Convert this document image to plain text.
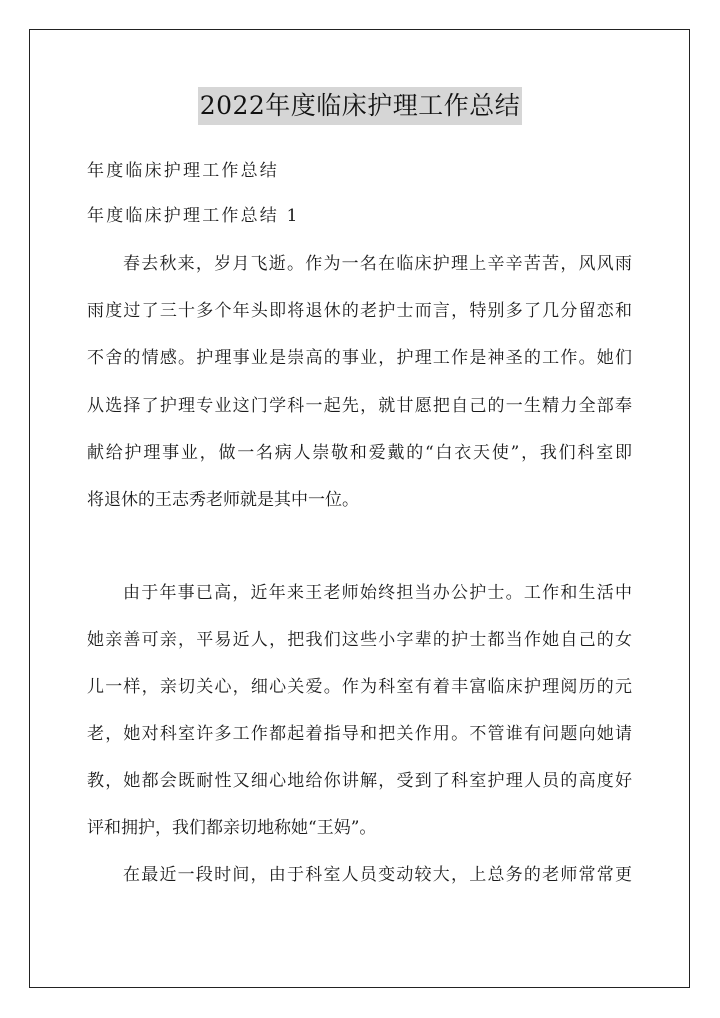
2022年度临床护理工作总结
年度临床护理工作总结
年度临床护理工作总结 1
春去秋来，岁月飞逝。作为一名在临床护理上辛辛苦苦，风风雨
雨度过了三十多个年头即将退休的老护士而言，特别多了几分留恋和
不舍的情感。护理事业是崇高的事业，护理工作是神圣的工作。她们
从选择了护理专业这门学科一起先，就甘愿把自己的一生精力全部奉
献给护理事业，做一名病人崇敬和爱戴的“白衣天使”，我们科室即
将退休的王志秀老师就是其中一位。
由于年事已高，近年来王老师始终担当办公护士。工作和生活中
她亲善可亲，平易近人，把我们这些小字辈的护士都当作她自己的女
儿一样，亲切关心，细心关爱。作为科室有着丰富临床护理阅历的元
老，她对科室许多工作都起着指导和把关作用。不管谁有问题向她请
教，她都会既耐性又细心地给你讲解，受到了科室护理人员的高度好
评和拥护，我们都亲切地称她“王妈”。
在最近一段时间，由于科室人员变动较大，上总务的老师常常更
